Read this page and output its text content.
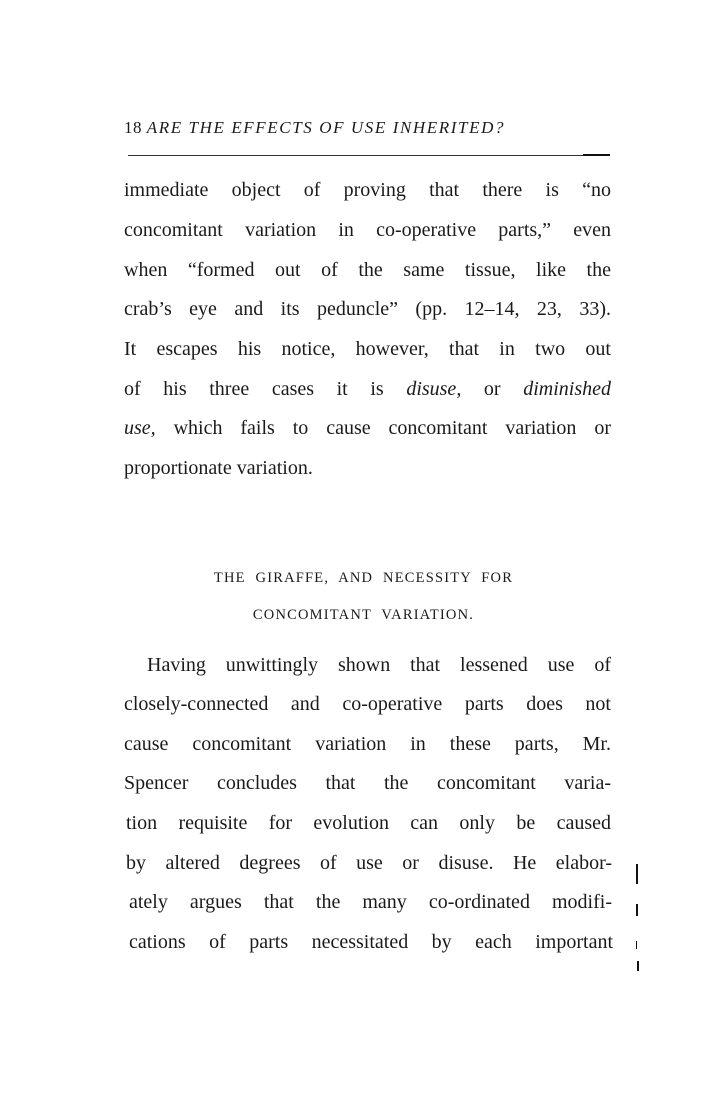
18 ARE THE EFFECTS OF USE INHERITED?
immediate object of proving that there is “no
concomitant variation in co-operative parts,” even
when “formed out of the same tissue, like the
crab’s eye and its peduncle” (pp. 12–14, 23, 33).
It escapes his notice, however, that in two out
of his three cases it is disuse, or diminished
use, which fails to cause concomitant variation or
proportionate variation.
THE GIRAFFE, AND NECESSITY FOR
CONCOMITANT VARIATION.
Having unwittingly shown that lessened use of
closely-connected and co-operative parts does not
cause concomitant variation in these parts, Mr.
Spencer concludes that the concomitant varia-
tion requisite for evolution can only be caused
by altered degrees of use or disuse. He elabor-
ately argues that the many co-ordinated modifi-
cations of parts necessitated by each important
